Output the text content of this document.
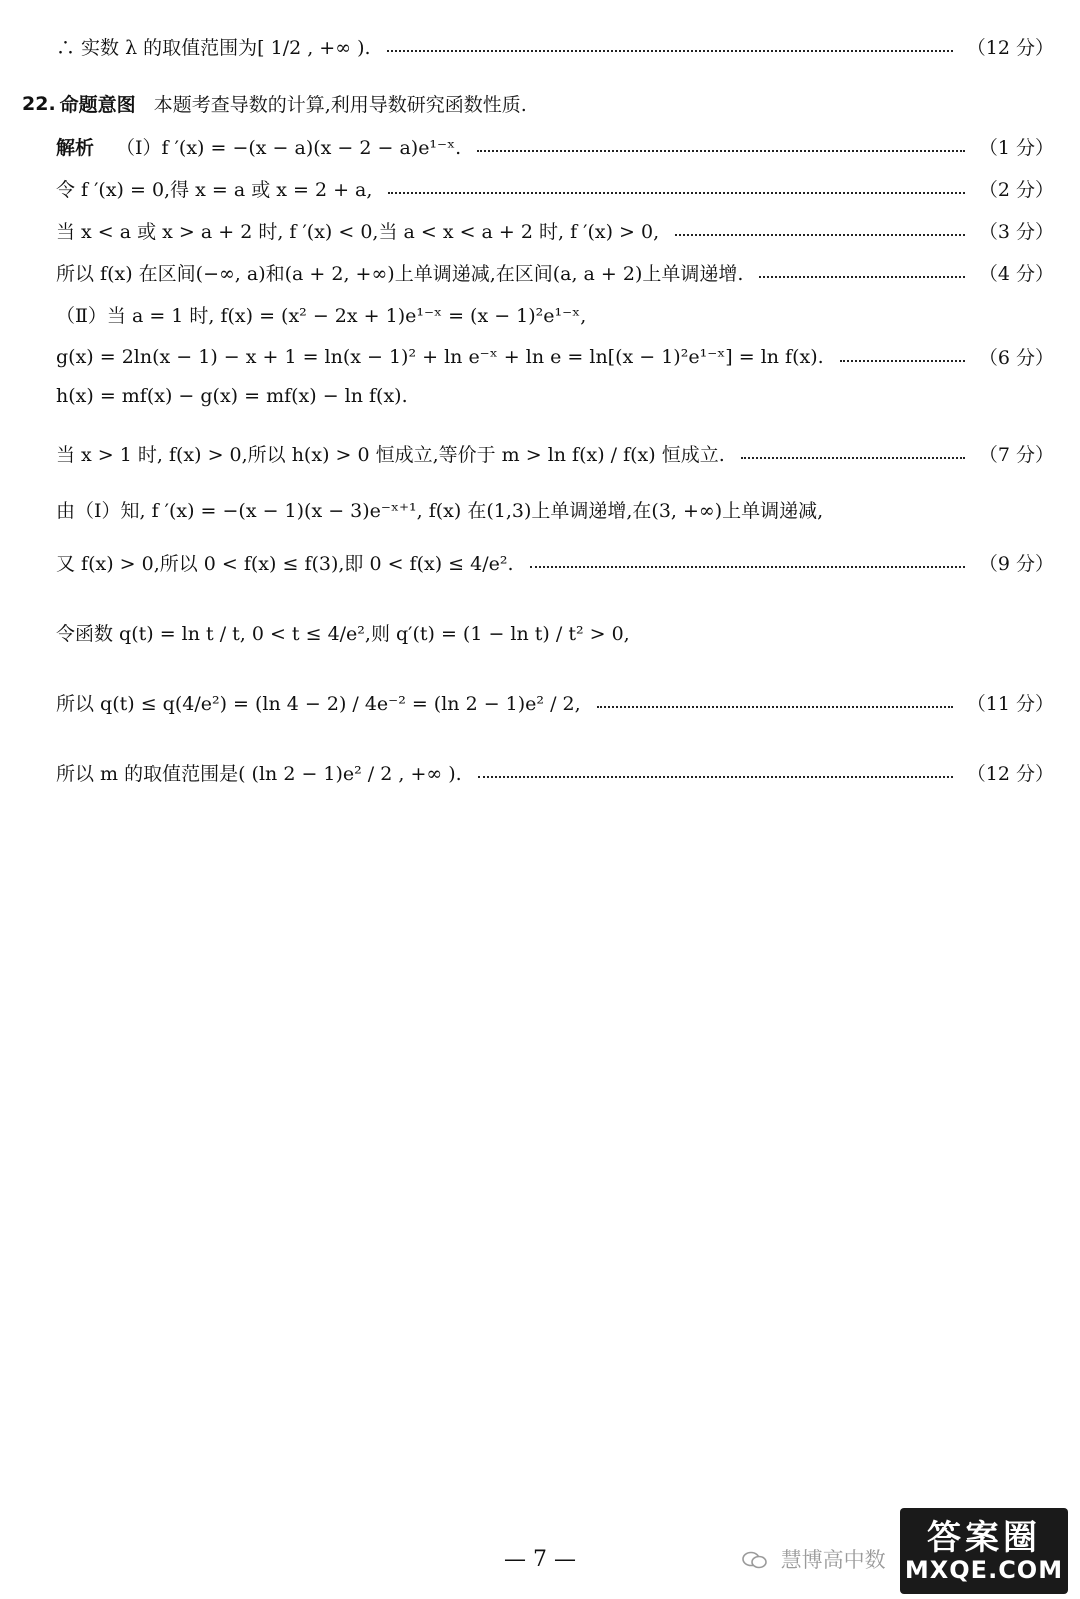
∴ 实数 λ 的取值范围为[ 1/2 , +∞ ).	（12 分）
22. 命题意图 本题考查导数的计算,利用导数研究函数性质.
解析 （Ⅰ）f ′(x) = −(x − a)(x − 2 − a)e¹⁻ˣ.	（1 分）
令 f ′(x) = 0,得 x = a 或 x = 2 + a,	（2 分）
当 x < a 或 x > a + 2 时, f ′(x) < 0,当 a < x < a + 2 时, f ′(x) > 0,	（3 分）
所以 f(x) 在区间(−∞, a)和(a + 2, +∞)上单调递减,在区间(a, a + 2)上单调递增.	（4 分）
（Ⅱ）当 a = 1 时, f(x) = (x² − 2x + 1)e¹⁻ˣ = (x − 1)²e¹⁻ˣ,
g(x) = 2ln(x − 1) − x + 1 = ln(x − 1)² + ln e⁻ˣ + ln e = ln[(x − 1)²e¹⁻ˣ] = ln f(x).	（6 分）
h(x) = mf(x) − g(x) = mf(x) − ln f(x).
当 x > 1 时, f(x) > 0,所以 h(x) > 0 恒成立,等价于 m > ln f(x) / f(x) 恒成立.	（7 分）
由（Ⅰ）知, f ′(x) = −(x − 1)(x − 3)e⁻ˣ⁺¹, f(x) 在(1,3)上单调递增,在(3, +∞)上单调递减,
又 f(x) > 0,所以 0 < f(x) ≤ f(3),即 0 < f(x) ≤ 4/e².	（9 分）
令函数 q(t) = ln t / t, 0 < t ≤ 4/e²,则 q′(t) = (1 − ln t) / t² > 0,
所以 q(t) ≤ q(4/e²) = (ln 4 − 2) / 4e⁻² = (ln 2 − 1)e² / 2,	（11 分）
所以 m 的取值范围是( (ln 2 − 1)e² / 2 , +∞ ).	（12 分）
— 7 —	慧博高中数
答案圈
MXQE.COM
